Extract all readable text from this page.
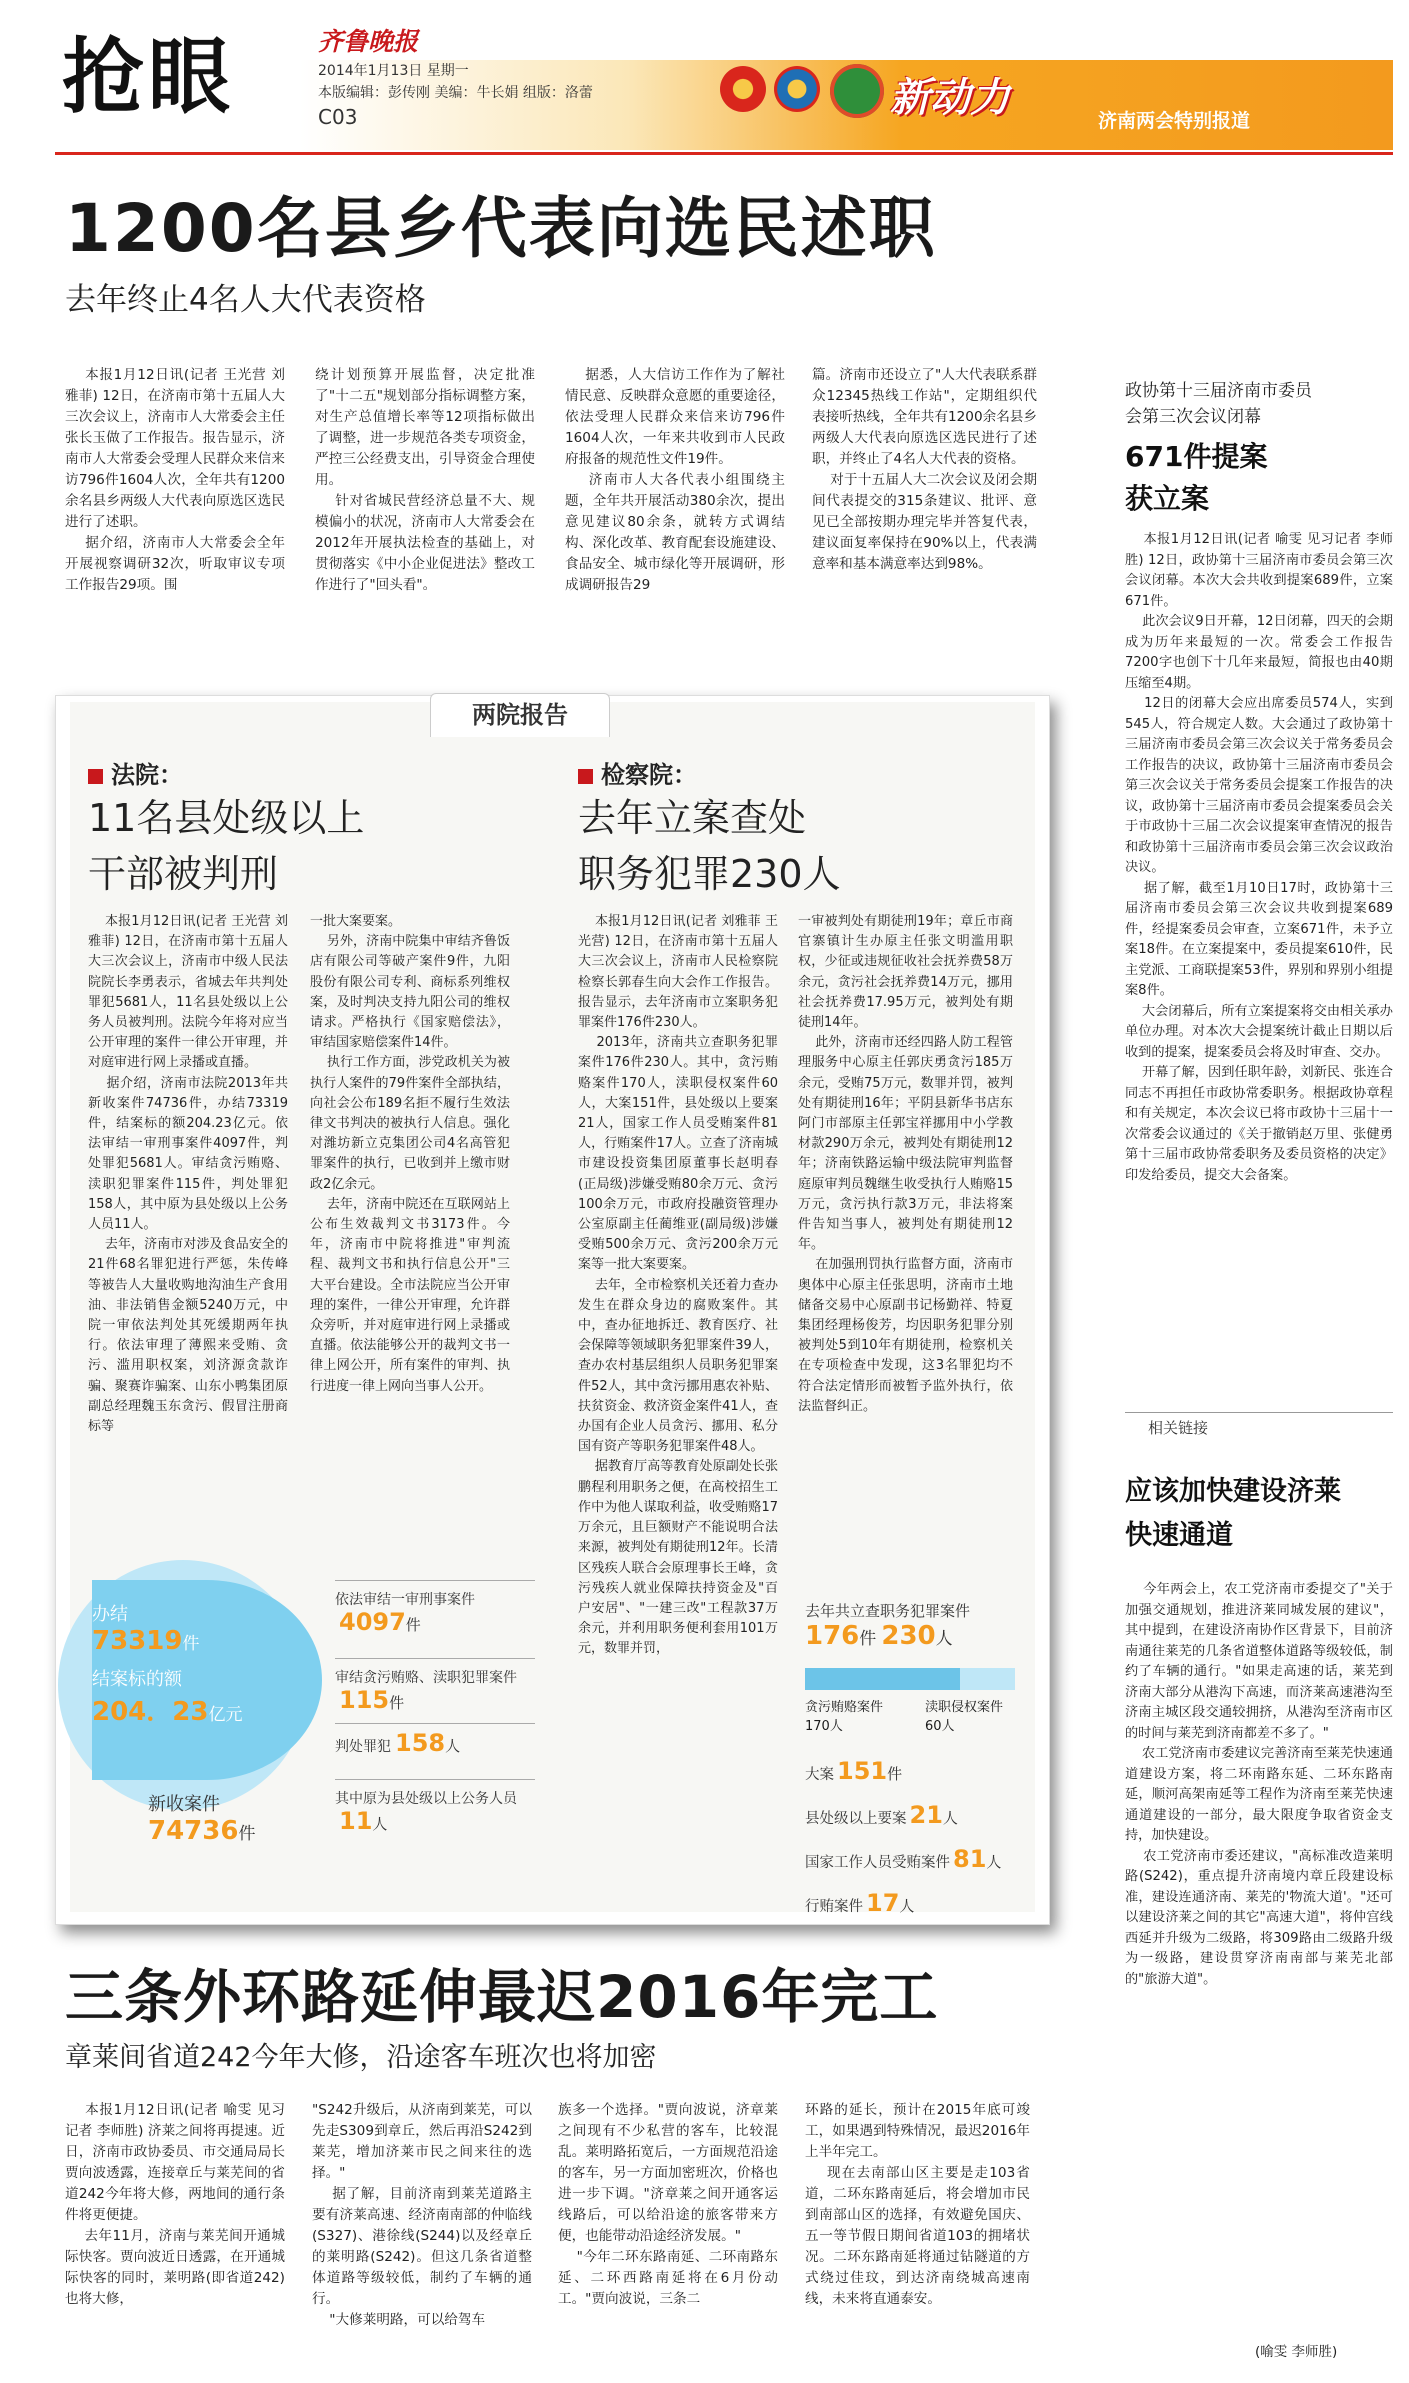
抢眼	齐鲁晚报
2014年1月13日 星期一
本版编辑：彭传刚 美编：牛长娟 组版：洛蕾
C03	新动力	济南两会特别报道
1200名县乡代表向选民述职
去年终止4名人大代表资格
本报1月12日讯(记者 王光营 刘雅菲) 12日，在济南市第十五届人大三次会议上，济南市人大常委会主任张长玉做了工作报告。报告显示，济南市人大常委会受理人民群众来信来访796件1604人次，全年共有1200余名县乡两级人大代表向原选区选民进行了述职。
据介绍，济南市人大常委会全年开展视察调研32次，听取审议专项工作报告29项。围
绕计划预算开展监督，决定批准了"十二五"规划部分指标调整方案，对生产总值增长率等12项指标做出了调整，进一步规范各类专项资金，严控三公经费支出，引导资金合理使用。
针对省城民营经济总量不大、规模偏小的状况，济南市人大常委会在2012年开展执法检查的基础上，对贯彻落实《中小企业促进法》整改工作进行了"回头看"。
据悉，人大信访工作作为了解社情民意、反映群众意愿的重要途径，依法受理人民群众来信来访796件1604人次，一年来共收到市人民政府报备的规范性文件19件。
济南市人大各代表小组围绕主题，全年共开展活动380余次，提出意见建议80余条，就转方式调结构、深化改革、教育配套设施建设、食品安全、城市绿化等开展调研，形成调研报告29
篇。济南市还设立了"人大代表联系群众12345热线工作站"，定期组织代表接听热线，全年共有1200余名县乡两级人大代表向原选区选民进行了述职，并终止了4名人大代表的资格。
对于十五届人大二次会议及闭会期间代表提交的315条建议、批评、意见已全部按期办理完毕并答复代表，建议面复率保持在90%以上，代表满意率和基本满意率达到98%。
政协第十三届济南市委员会第三次会议闭幕
671件提案获立案
本报1月12日讯(记者 喻雯 见习记者 李师胜) 12日，政协第十三届济南市委员会第三次会议闭幕。本次大会共收到提案689件，立案671件。
此次会议9日开幕，12日闭幕，四天的会期成为历年来最短的一次。常委会工作报告7200字也创下十几年来最短，简报也由40期压缩至4期。
12日的闭幕大会应出席委员574人，实到545人，符合规定人数。大会通过了政协第十三届济南市委员会第三次会议关于常务委员会工作报告的决议，政协第十三届济南市委员会第三次会议关于常务委员会提案工作报告的决议，政协第十三届济南市委员会提案委员会关于市政协十三届二次会议提案审查情况的报告和政协第十三届济南市委员会第三次会议政治决议。
据了解，截至1月10日17时，政协第十三届济南市委员会第三次会议共收到提案689件，经提案委员会审查，立案671件，未予立案18件。在立案提案中，委员提案610件，民主党派、工商联提案53件，界别和界别小组提案8件。
大会闭幕后，所有立案提案将交由相关承办单位办理。对本次大会提案统计截止日期以后收到的提案，提案委员会将及时审查、交办。
开幕了解，因到任职年龄，刘新民、张连合同志不再担任市政协常委职务。根据政协章程和有关规定，本次会议已将市政协十三届十一次常委会议通过的《关于撤销赵万里、张健勇第十三届市政协常委职务及委员资格的决定》印发给委员，提交大会备案。
相关链接
应该加快建设济莱快速通道
今年两会上，农工党济南市委提交了"关于加强交通规划，推进济莱同城发展的建议"，其中提到，在建设济南协作区背景下，目前济南通往莱芜的几条省道整体道路等级较低，制约了车辆的通行。"如果走高速的话，莱芜到济南大部分从港沟下高速，而济莱高速港沟至济南主城区段交通较拥挤，从港沟至济南市区的时间与莱芜到济南都差不多了。"
农工党济南市委建议完善济南至莱芜快速通道建设方案，将二环南路东延、二环东路南延，顺河高架南延等工程作为济南至莱芜快速通道建设的一部分，最大限度争取省资金支持，加快建设。
农工党济南市委还建议，"高标准改造莱明路(S242)，重点提升济南境内章丘段建设标准，建设连通济南、莱芜的'物流大道'。"还可以建设济莱之间的其它"高速大道"，将仲宫线西延并升级为二级路，将309路由二级路升级为一级路，建设贯穿济南南部与莱芜北部的"旅游大道"。
(喻雯 李师胜)
两院报告
法院：
11名县处级以上
干部被判刑
本报1月12日讯(记者 王光营 刘雅菲) 12日，在济南市第十五届人大三次会议上，济南市中级人民法院院长李勇表示，省城去年共判处罪犯5681人，11名县处级以上公务人员被判刑。法院今年将对应当公开审理的案件一律公开审理，并对庭审进行网上录播或直播。
据介绍，济南市法院2013年共新收案件74736件，办结73319件，结案标的额204.23亿元。依法审结一审刑事案件4097件，判处罪犯5681人。审结贪污贿赂、渎职犯罪案件115件，判处罪犯158人，其中原为县处级以上公务人员11人。
去年，济南市对涉及食品安全的21件68名罪犯进行严惩，朱传峰等被告人大量收购地沟油生产食用油、非法销售金额5240万元，中院一审依法判处其死缓期两年执行。依法审理了薄熙来受贿、贪污、滥用职权案，刘济源贪款诈骗、聚赛诈骗案、山东小鸭集团原副总经理魏玉东贪污、假冒注册商标等
一批大案要案。
另外，济南中院集中审结齐鲁饭店有限公司等破产案件9件，九阳股份有限公司专利、商标系列维权案，及时判决支持九阳公司的维权请求。严格执行《国家赔偿法》，审结国家赔偿案件14件。
执行工作方面，涉党政机关为被执行人案件的79件案件全部执结，向社会公布189名拒不履行生效法律文书判决的被执行人信息。强化对潍坊新立克集团公司4名高管犯罪案件的执行，已收到并上缴市财政2亿余元。
去年，济南中院还在互联网站上公布生效裁判文书3173件。今年，济南市中院将推进"审判流程、裁判文书和执行信息公开"三大平台建设。全市法院应当公开审理的案件，一律公开审理，允许群众旁听，并对庭审进行网上录播或直播。依法能够公开的裁判文书一律上网公开，所有案件的审判、执行进度一律上网向当事人公开。
检察院：
去年立案查处
职务犯罪230人
本报1月12日讯(记者 刘雅菲 王光营) 12日，在济南市第十五届人大三次会议上，济南市人民检察院检察长郭春生向大会作工作报告。报告显示，去年济南市立案职务犯罪案件176件230人。
2013年，济南共立查职务犯罪案件176件230人。其中，贪污贿赂案件170人，渎职侵权案件60人，大案151件，县处级以上要案21人，国家工作人员受贿案件81人，行贿案件17人。立查了济南城市建设投资集团原董事长赵明春(正局级)涉嫌受贿80余万元、贪污100余万元，市政府投融资管理办公室原副主任蔺维亚(副局级)涉嫌受贿500余万元、贪污200余万元案等一批大案要案。
去年，全市检察机关还着力查办发生在群众身边的腐败案件。其中，查办征地拆迁、教育医疗、社会保障等领域职务犯罪案件39人，查办农村基层组织人员职务犯罪案件52人，其中贪污挪用惠农补贴、扶贫资金、救济资金案件41人，查办国有企业人员贪污、挪用、私分国有资产等职务犯罪案件48人。
据教育厅高等教育处原副处长张鹏程利用职务之便，在高校招生工作中为他人谋取利益，收受贿赂17万余元，且巨额财产不能说明合法来源，被判处有期徒刑12年。长清区残疾人联合会原理事长王峰，贪污残疾人就业保障扶持资金及"百户安居"、"一建三改"工程款37万余元，并利用职务便利套用101万元，数罪并罚，
一审被判处有期徒刑19年；章丘市商官寨镇计生办原主任张文明滥用职权，少征或违规征收社会抚养费58万余元，贪污社会抚养费14万元，挪用社会抚养费17.95万元，被判处有期徒刑14年。
此外，济南市还经四路人防工程管理服务中心原主任郭庆勇贪污185万余元，受贿75万元，数罪并罚，被判处有期徒刑16年；平阴县新华书店东阿门市部原主任郭宝祥挪用中小学教材款290万余元，被判处有期徒刑12年；济南铁路运输中级法院审判监督庭原审判员魏继生收受执行人贿赂15万元，贪污执行款3万元，非法将案件告知当事人，被判处有期徒刑12年。
在加强刑罚执行监督方面，济南市奥体中心原主任张思明，济南市土地储备交易中心原副书记杨勤祥、特夏集团经理杨俊芳，均因职务犯罪分别被判处5到10年有期徒刑，检察机关在专项检查中发现，这3名罪犯均不符合法定情形而被暂予监外执行，依法监督纠正。
办结
73319件
结案标的额
204．23亿元
新收案件
74736件
依法审结一审刑事案件4097件
审结贪污贿赂、渎职犯罪案件115件
判处罪犯 158人
其中原为县处级以上公务人员11人
去年共立查职务犯罪案件
176件 230人
贪污贿赂案件170人
渎职侵权案件60人
大案 151件
县处级以上要案 21人
国家工作人员受贿案件 81人
行贿案件 17人
三条外环路延伸最迟2016年完工
章莱间省道242今年大修，沿途客车班次也将加密
本报1月12日讯(记者 喻雯 见习记者 李师胜) 济莱之间将再提速。近日，济南市政协委员、市交通局局长贾向波透露，连接章丘与莱芜间的省道242今年将大修，两地间的通行条件将更便捷。
去年11月，济南与莱芜间开通城际快客。贾向波近日透露，在开通城际快客的同时，莱明路(即省道242)也将大修，
"S242升级后，从济南到莱芜，可以先走S309到章丘，然后再沿S242到莱芜，增加济莱市民之间来往的选择。"
据了解，目前济南到莱芜道路主要有济莱高速、经济南南部的仲临线(S327)、港徐线(S244)以及经章丘的莱明路(S242)。但这几条省道整体道路等级较低，制约了车辆的通行。
"大修莱明路，可以给驾车
族多一个选择。"贾向波说，济章莱之间现有不少私营的客车，比较混乱。莱明路拓宽后，一方面规范沿途的客车，另一方面加密班次，价格也进一步下调。"济章莱之间开通客运线路后，可以给沿途的旅客带来方便，也能带动沿途经济发展。"
"今年二环东路南延、二环南路东延、二环西路南延将在6月份动工。"贾向波说，三条二
环路的延长，预计在2015年底可竣工，如果遇到特殊情况，最迟2016年上半年完工。
现在去南部山区主要是走103省道，二环东路南延后，将会增加市民到南部山区的选择，有效避免国庆、五一等节假日期间省道103的拥堵状况。二环东路南延将通过钻隧道的方式绕过佳玟，到达济南绕城高速南线，未来将直通泰安。
